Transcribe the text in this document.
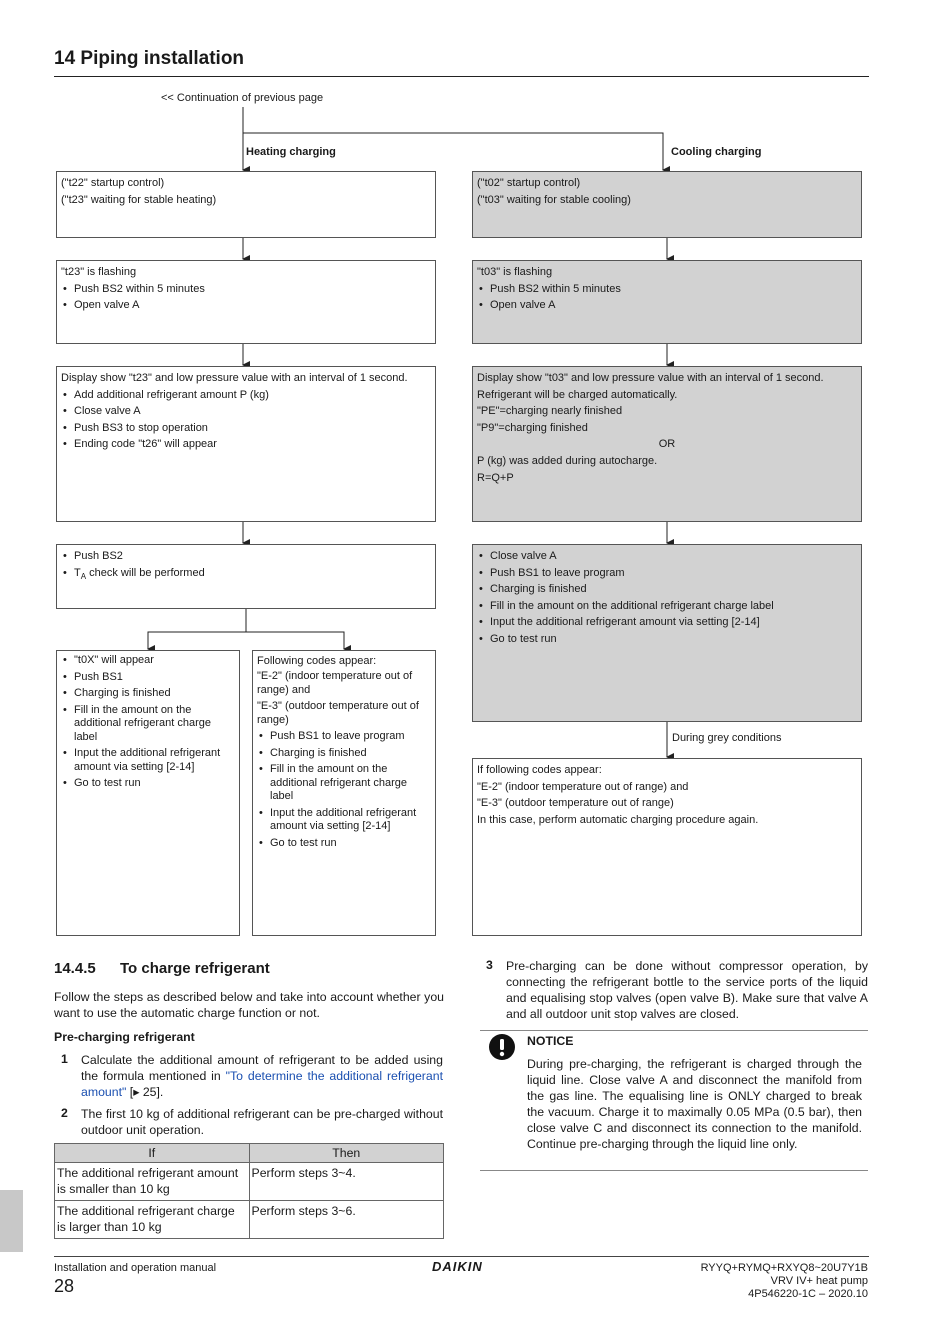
14 Piping installation
<< Continuation of previous page
Heating charging	Cooling charging
("t22" startup control)
("t23" waiting for stable heating)
("t02" startup control)
("t03" waiting for stable cooling)
"t23" is flashing
• Push BS2 within 5 minutes
• Open valve A
"t03" is flashing
• Push BS2 within 5 minutes
• Open valve A
Display show "t23" and low pressure value with an interval of 1 second.
• Add additional refrigerant amount P (kg)
• Close valve A
• Push BS3 to stop operation
• Ending code "t26" will appear
Display show "t03" and low pressure value with an interval of 1 second.
Refrigerant will be charged automatically.
"PE"=charging nearly finished
"P9"=charging finished
OR
P (kg) was added during autocharge.
R=Q+P
• Push BS2
• $T_A$ check will be performed
• Close valve A
• Push BS1 to leave program
• Charging is finished
• Fill in the amount on the additional refrigerant charge label
• Input the additional refrigerant amount via setting [2-14]
• Go to test run
• "t0X" will appear
• Push BS1
• Charging is finished
• Fill in the amount on the additional refrigerant charge label
• Input the additional refrigerant amount via setting [2-14]
• Go to test run
Following codes appear:
"E-2" (indoor temperature out of range) and
"E-3" (outdoor temperature out of range)
• Push BS1 to leave program
• Charging is finished
• Fill in the amount on the additional refrigerant charge label
• Input the additional refrigerant amount via setting [2-14]
• Go to test run
During grey conditions
If following codes appear:
"E-2" (indoor temperature out of range) and
"E-3" (outdoor temperature out of range)
In this case, perform automatic charging procedure again.
14.4.5 To charge refrigerant
Follow the steps as described below and take into account whether you want to use the automatic charge function or not.
Pre-charging refrigerant
1 Calculate the additional amount of refrigerant to be added using the formula mentioned in "To determine the additional refrigerant amount" [▸ 25].
2 The first 10 kg of additional refrigerant can be pre-charged without outdoor unit operation.
If	Then
The additional refrigerant amount is smaller than 10 kg	Perform steps 3~4.
The additional refrigerant charge is larger than 10 kg	Perform steps 3~6.
3 Pre-charging can be done without compressor operation, by connecting the refrigerant bottle to the service ports of the liquid and equalising stop valves (open valve B). Make sure that valve A and all outdoor unit stop valves are closed.
NOTICE
During pre-charging, the refrigerant is charged through the liquid line. Close valve A and disconnect the manifold from the gas line. The equalising line is ONLY charged to break the vacuum. Charge it to maximally 0.05 MPa (0.5 bar), then close valve C and disconnect its connection to the manifold. Continue pre-charging through the liquid line only.
Installation and operation manual
28
DAIKIN	RYYQ+RYMQ+RXYQ8~20U7Y1B
VRV IV+ heat pump
4P546220-1C – 2020.10
